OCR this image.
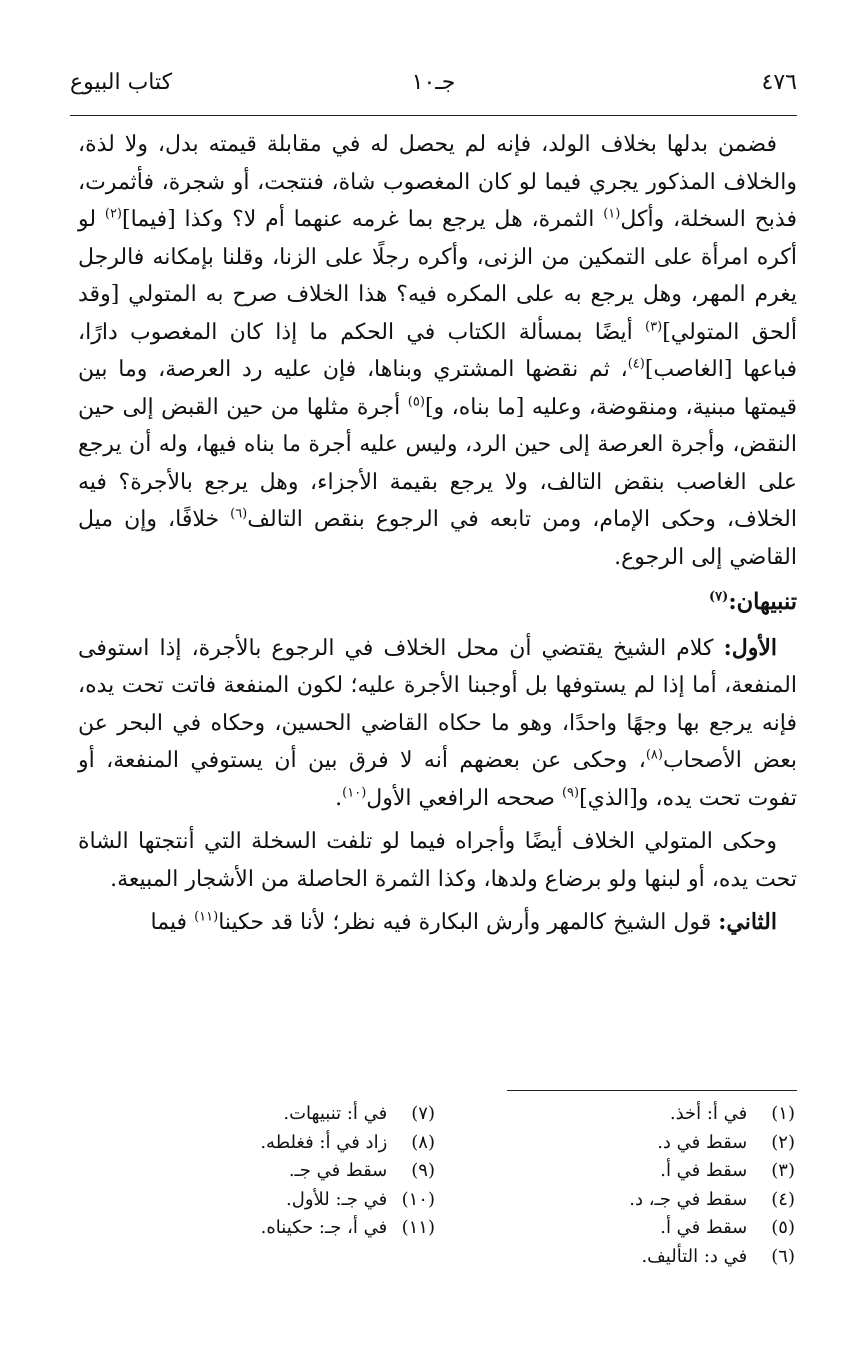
٤٧٦
جـ١٠
كتاب البيوع

فضمن بدلها بخلاف الولد، فإنه لم يحصل له في مقابلة قيمته بدل، ولا لذة، والخلاف المذكور يجري فيما لو كان المغصوب شاة، فنتجت، أو شجرة، فأثمرت، فذبح السخلة، وأكل$^{(١)}$ الثمرة، هل يرجع بما غرمه عنهما أم لا؟ وكذا [فيما]$^{(٢)}$ لو أكره امرأة على التمكين من الزنى، وأكره رجلًا على الزنا، وقلنا بإمكانه فالرجل يغرم المهر، وهل يرجع به على المكره فيه؟ هذا الخلاف صرح به المتولي [وقد ألحق المتولي]$^{(٣)}$ أيضًا بمسألة الكتاب في الحكم ما إذا كان المغصوب دارًا، فباعها [الغاصب]$^{(٤)}$، ثم نقضها المشتري وبناها، فإن عليه رد العرصة، وما بين قيمتها مبنية، ومنقوضة، وعليه [ما بناه، و]$^{(٥)}$ أجرة مثلها من حين القبض إلى حين النقض، وأجرة العرصة إلى حين الرد، وليس عليه أجرة ما بناه فيها، وله أن يرجع على الغاصب بنقض التالف، ولا يرجع بقيمة الأجزاء، وهل يرجع بالأجرة؟ فيه الخلاف، وحكى الإمام، ومن تابعه في الرجوع بنقص التالف$^{(٦)}$ خلافًا، وإن ميل القاضي إلى الرجوع.

تنبيهان:$^{(٧)}$

الأول: كلام الشيخ يقتضي أن محل الخلاف في الرجوع بالأجرة، إذا استوفى المنفعة، أما إذا لم يستوفها بل أوجبنا الأجرة عليه؛ لكون المنفعة فاتت تحت يده، فإنه يرجع بها وجهًا واحدًا، وهو ما حكاه القاضي الحسين، وحكاه في البحر عن بعض الأصحاب$^{(٨)}$، وحكى عن بعضهم أنه لا فرق بين أن يستوفي المنفعة، أو تفوت تحت يده، و[الذي]$^{(٩)}$ صححه الرافعي الأول$^{(١٠)}$.

وحكى المتولي الخلاف أيضًا وأجراه فيما لو تلفت السخلة التي أنتجتها الشاة تحت يده، أو لبنها ولو برضاع ولدها، وكذا الثمرة الحاصلة من الأشجار المبيعة.

الثاني: قول الشيخ كالمهر وأرش البكارة فيه نظر؛ لأنا قد حكينا$^{(١١)}$ فيما

(١) في أ: أخذ.
(٢) سقط في د.
(٣) سقط في أ.
(٤) سقط في جـ، د.
(٥) سقط في أ.
(٦) في د: التأليف.
(٧) في أ: تنبيهات.
(٨) زاد في أ: فغلطه.
(٩) سقط في جـ.
(١٠) في جـ: للأول.
(١١) في أ، جـ: حكيناه.
